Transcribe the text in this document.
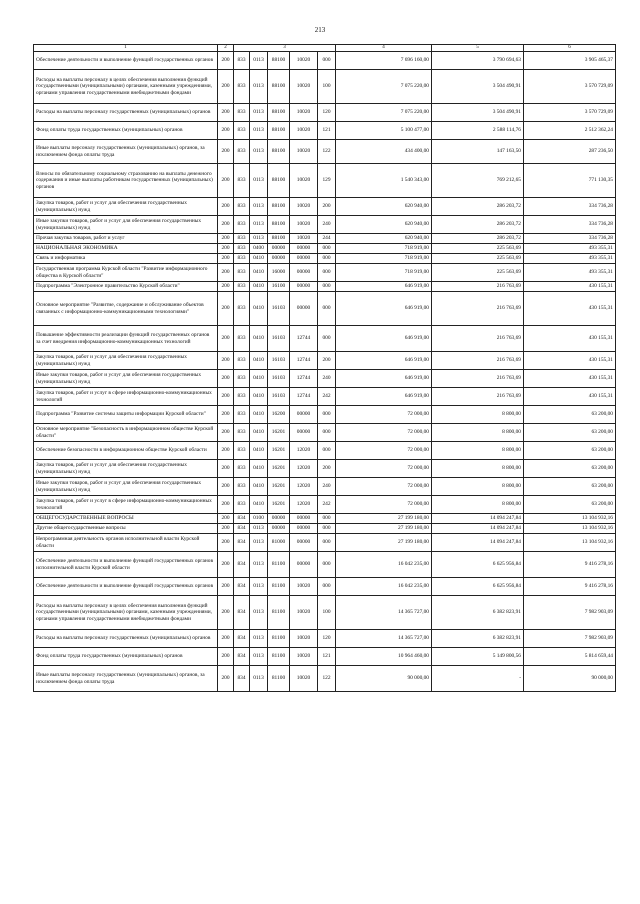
213
1	2	3					4	5	6
Обеспечение деятельности и выполнение функций государственных органов	200	833	0113	88100	10020	000	7 696 160,00	3 790 694,63	3 905 465,37
Расходы на выплаты персоналу в целях обеспечения выполнения функций государственными (муниципальными) органами, казенными учреждениями, органами управления государственными внебюджетными фондами	200	833	0113	88100	10020	100	7 075 220,00	3 504 490,91	3 570 729,09
Расходы на выплаты персоналу государственных (муниципальных) органов	200	833	0113	88100	10020	120	7 075 220,00	3 504 490,91	3 570 729,09
Фонд оплаты труда государственных (муниципальных) органов	200	833	0113	88100	10020	121	5 100 477,00	2 588 114,76	2 512 362,24
Иные выплаты персоналу государственных (муниципальных) органов, за исключением фонда оплаты труда	200	833	0113	88100	10020	122	434 400,00	147 163,50	287 236,50
Взносы по обязательному социальному страхованию на выплаты денежного содержания и иные выплаты работникам государственных (муниципальных) органов	200	833	0113	88100	10020	129	1 540 343,00	769 212,65	771 130,35
Закупка товаров, работ и услуг для обеспечения государственных (муниципальных) нужд	200	833	0113	88100	10020	200	620 940,00	286 203,72	334 736,28
Иные закупки товаров, работ и услуг для обеспечения государственных (муниципальных) нужд	200	833	0113	88100	10020	240	620 940,00	286 203,72	334 736,28
Прочая закупка товаров, работ и услуг	200	833	0113	88100	10020	244	620 940,00	286 203,72	334 736,28
НАЦИОНАЛЬНАЯ ЭКОНОМИКА	200	833	0400	00000	00000	000	718 919,00	225 563,69	493 355,31
Связь и информатика	200	833	0410	00000	00000	000	718 919,00	225 563,69	493 355,31
Государственная программа Курской области "Развитие информационного общества в Курской области"	200	833	0410	16000	00000	000	718 919,00	225 563,69	493 355,31
Подпрограмма "Электронное правительство Курской области"	200	833	0410	16100	00000	000	646 919,00	216 763,69	430 155,31
Основное мероприятие "Развитие, содержание и обслуживание объектов связанных с информационно-коммуникационными технологиями"	200	833	0410	16103	00000	000	646 919,00	216 763,69	430 155,31
Повышение эффективности реализации функций государственных органов за счет внедрения информационно-коммуникационных технологий	200	833	0410	16103	12744	000	646 919,00	216 763,69	430 155,31
Закупка товаров, работ и услуг для обеспечения государственных (муниципальных) нужд	200	833	0410	16103	12744	200	646 919,00	216 763,69	430 155,31
Иные закупки товаров, работ и услуг для обеспечения государственных (муниципальных) нужд	200	833	0410	16103	12744	240	646 919,00	216 763,69	430 155,31
Закупка товаров, работ и услуг в сфере информационно-коммуникационных технологий	200	833	0410	16103	12744	242	646 919,00	216 763,69	430 155,31
Подпрограмма "Развитие системы защиты информации Курской области"	200	833	0410	16200	00000	000	72 000,00	8 800,00	63 200,00
Основное мероприятие "Безопасность в информационном обществе Курской области"	200	833	0410	16201	00000	000	72 000,00	8 800,00	63 200,00
Обеспечение безопасности в информационном обществе Курской области	200	833	0410	16201	12020	000	72 000,00	8 800,00	63 200,00
Закупка товаров, работ и услуг для обеспечения государственных (муниципальных) нужд	200	833	0410	16201	12020	200	72 000,00	8 800,00	63 200,00
Иные закупки товаров, работ и услуг для обеспечения государственных (муниципальных) нужд	200	833	0410	16201	12020	240	72 000,00	8 800,00	63 200,00
Закупка товаров, работ и услуг в сфере информационно-коммуникационных технологий	200	833	0410	16201	12020	242	72 000,00	8 800,00	63 200,00
ОБЩЕГОСУДАРСТВЕННЫЕ ВОПРОСЫ	200	834	0100	00000	00000	000	27 199 180,00	14 094 247,84	13 104 932,16
Другие общегосударственные вопросы	200	834	0113	00000	00000	000	27 199 180,00	14 094 247,84	13 104 932,16
Непрограммная деятельность органов исполнительной власти Курской области	200	834	0113	81000	00000	000	27 199 180,00	14 094 247,84	13 104 932,16
Обеспечение деятельности и выполнение функций государственных органов исполнительной власти Курской области	200	834	0113	81100	00000	000	16 042 235,00	6 625 956,84	9 416 278,16
Обеспечение деятельности и выполнение функций государственных органов	200	834	0113	81100	10020	000	16 042 235,00	6 625 956,84	9 416 278,16
Расходы на выплаты персоналу в целях обеспечения выполнения функций государственными (муниципальными) органами, казенными учреждениями, органами управления государственными внебюджетными фондами	200	834	0113	81100	10020	100	14 365 727,00	6 382 823,91	7 982 903,09
Расходы на выплаты персоналу государственных (муниципальных) органов	200	834	0113	81100	10020	120	14 365 727,00	6 382 823,91	7 982 903,09
Фонд оплаты труда государственных (муниципальных) органов	200	834	0113	81100	10020	121	10 964 460,00	5 149 800,56	5 814 659,44
Иные выплаты персоналу государственных (муниципальных) органов, за исключением фонда оплаты труда	200	834	0113	81100	10020	122	90 000,00	-	90 000,00
